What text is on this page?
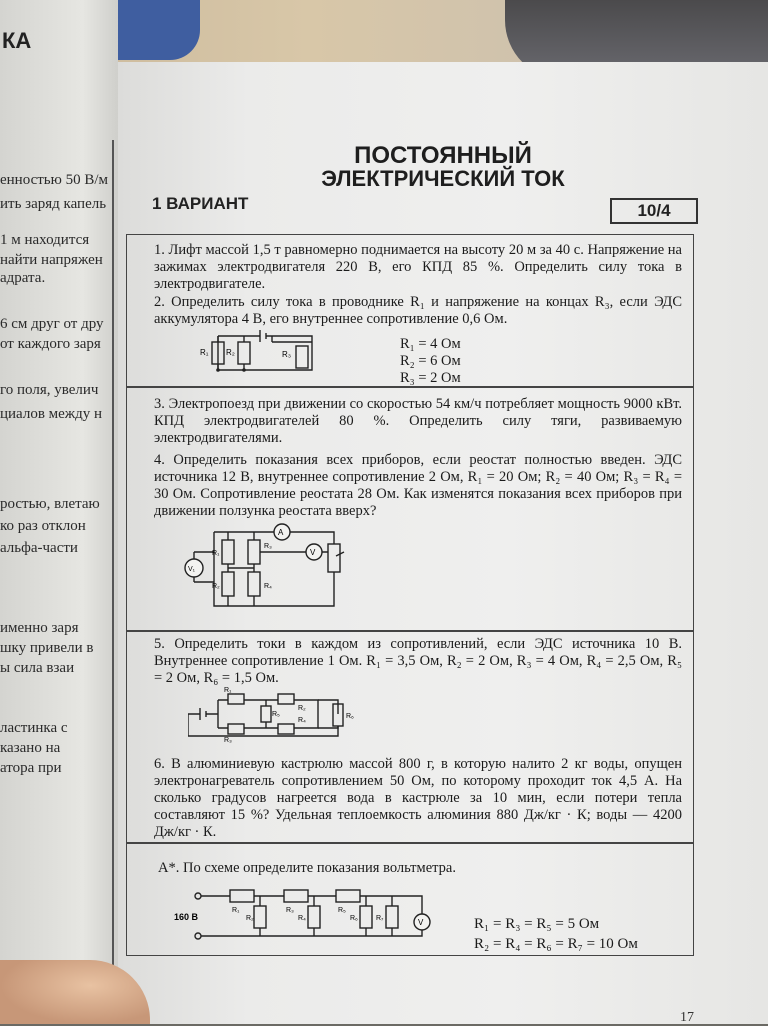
КА
енностью 50 В/м
ить заряд капель
1 м находится
найти напряжен
адрата.
6 см друг от дру
от каждого заря
го поля, увелич
циалов между н
ростью, влетаю
ко раз отклон
альфа-части
именно заря
шку привели в
ы сила взаи
ластинка с
казано на
атора при
ПОСТОЯННЫЙ
ЭЛЕКТРИЧЕСКИЙ ТОК
1 ВАРИАНТ	10/4
1. Лифт массой 1,5 т равномерно поднимается на высоту 20 м за 40 с. Напряжение на зажимах электродвигателя 220 В, его КПД 85 %. Определить силу тока в электродвигателе.
2. Определить силу тока в проводнике R₁ и напряжение на концах R₃, если ЭДС аккумулятора 4 В, его внутреннее сопротивление 0,6 Ом.
R₁ R₂	R₃
R₁ = 4 Ом
R₂ = 6 Ом
R₃ = 2 Ом
3. Электропоезд при движении со скоростью 54 км/ч потребляет мощность 9000 кВт. КПД электродвигателей 80 %. Определить силу тяги, развиваемую электродвигателями.
4. Определить показания всех приборов, если реостат полностью введен. ЭДС источника 12 В, внутреннее сопротивление 2 Ом, R₁ = 20 Ом; R₂ = 40 Ом; R₃ = R₄ = 30 Ом. Сопротивление реостата 28 Ом. Как изменятся показания всех приборов при движении ползунка реостата вверх?
A
V
V₁
R₁
R₂
R₃
R₄
5. Определить токи в каждом из сопротивлений, если ЭДС источника 10 В. Внутреннее сопротивление 1 Ом. R₁ = 3,5 Ом, R₂ = 2 Ом, R₃ = 4 Ом, R₄ = 2,5 Ом, R₅ = 2 Ом, R₆ = 1,5 Ом.
R₁
R₂
R₃
R₄
R₅	R₆
6. В алюминиевую кастрюлю массой 800 г, в которую налито 2 кг воды, опущен электронагреватель сопротивлением 50 Ом, по которому проходит ток 4,5 А. На сколько градусов нагреется вода в кастрюле за 10 мин, если потери тепла составляют 15 %? Удельная теплоемкость алюминия 880 Дж/кг · К; воды — 4200 Дж/кг · К.
A*. По схеме определите показания вольтметра.
V
160 В
R₁
R₂
R₃
R₄
R₅
R₆	R₇	R₁ = R₃ = R₅ = 5 Ом
R₂ = R₄ = R₆ = R₇ = 10 Ом
17
